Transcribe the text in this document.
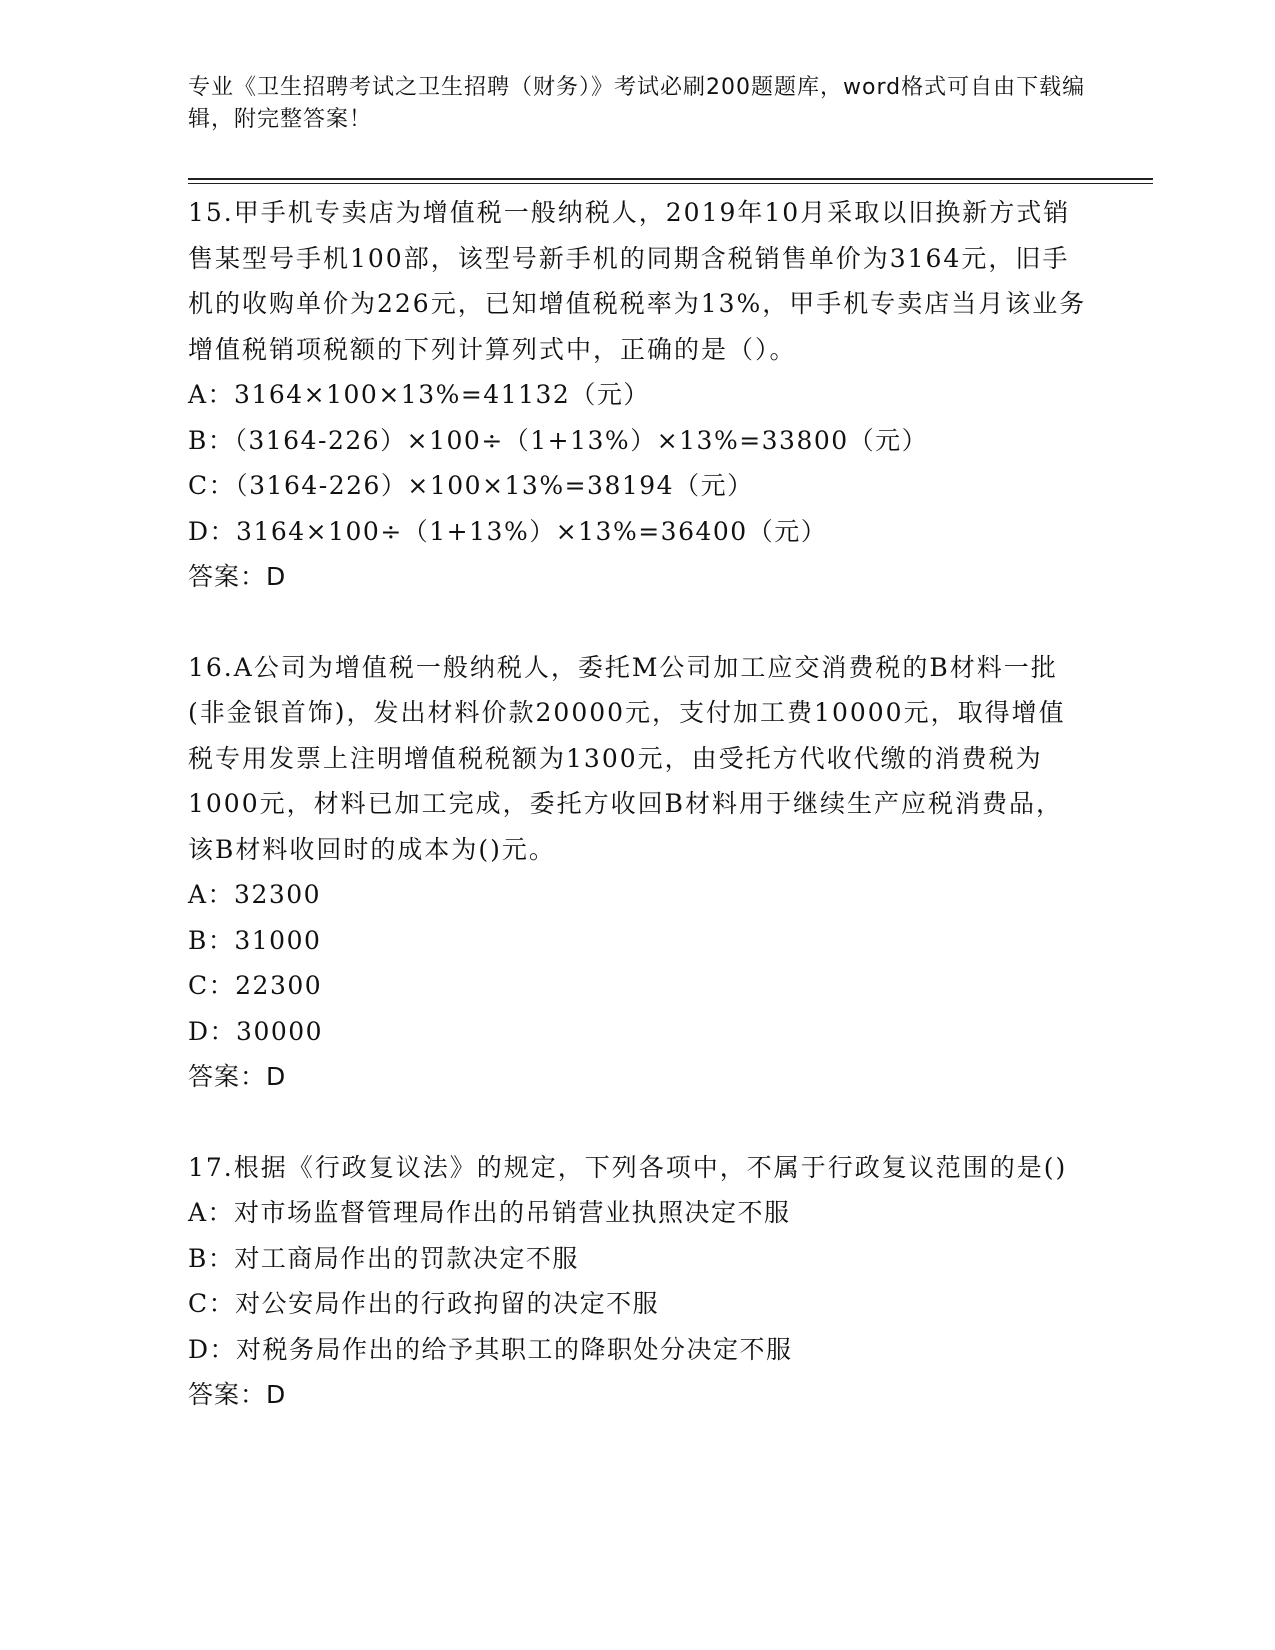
专业《卫生招聘考试之卫生招聘（财务）》考试必刷200题题库，word格式可自由下载编辑，附完整答案！

15.甲手机专卖店为增值税一般纳税人，2019年10月采取以旧换新方式销售某型号手机100部，该型号新手机的同期含税销售单价为3164元，旧手机的收购单价为226元，已知增值税税率为13%，甲手机专卖店当月该业务增值税销项税额的下列计算列式中，正确的是（）。

A：3164×100×13%=41132（元）
B：（3164-226）×100÷（1+13%）×13%=33800（元）
C：（3164-226）×100×13%=38194（元）
D：3164×100÷（1+13%）×13%=36400（元）
答案：D

16.A公司为增值税一般纳税人，委托M公司加工应交消费税的B材料一批(非金银首饰)，发出材料价款20000元，支付加工费10000元，取得增值税专用发票上注明增值税税额为1300元，由受托方代收代缴的消费税为1000元，材料已加工完成，委托方收回B材料用于继续生产应税消费品，该B材料收回时的成本为()元。

A：32300
B：31000
C：22300
D：30000
答案：D

17.根据《行政复议法》的规定，下列各项中，不属于行政复议范围的是()

A：对市场监督管理局作出的吊销营业执照决定不服
B：对工商局作出的罚款决定不服
C：对公安局作出的行政拘留的决定不服
D：对税务局作出的给予其职工的降职处分决定不服
答案：D
